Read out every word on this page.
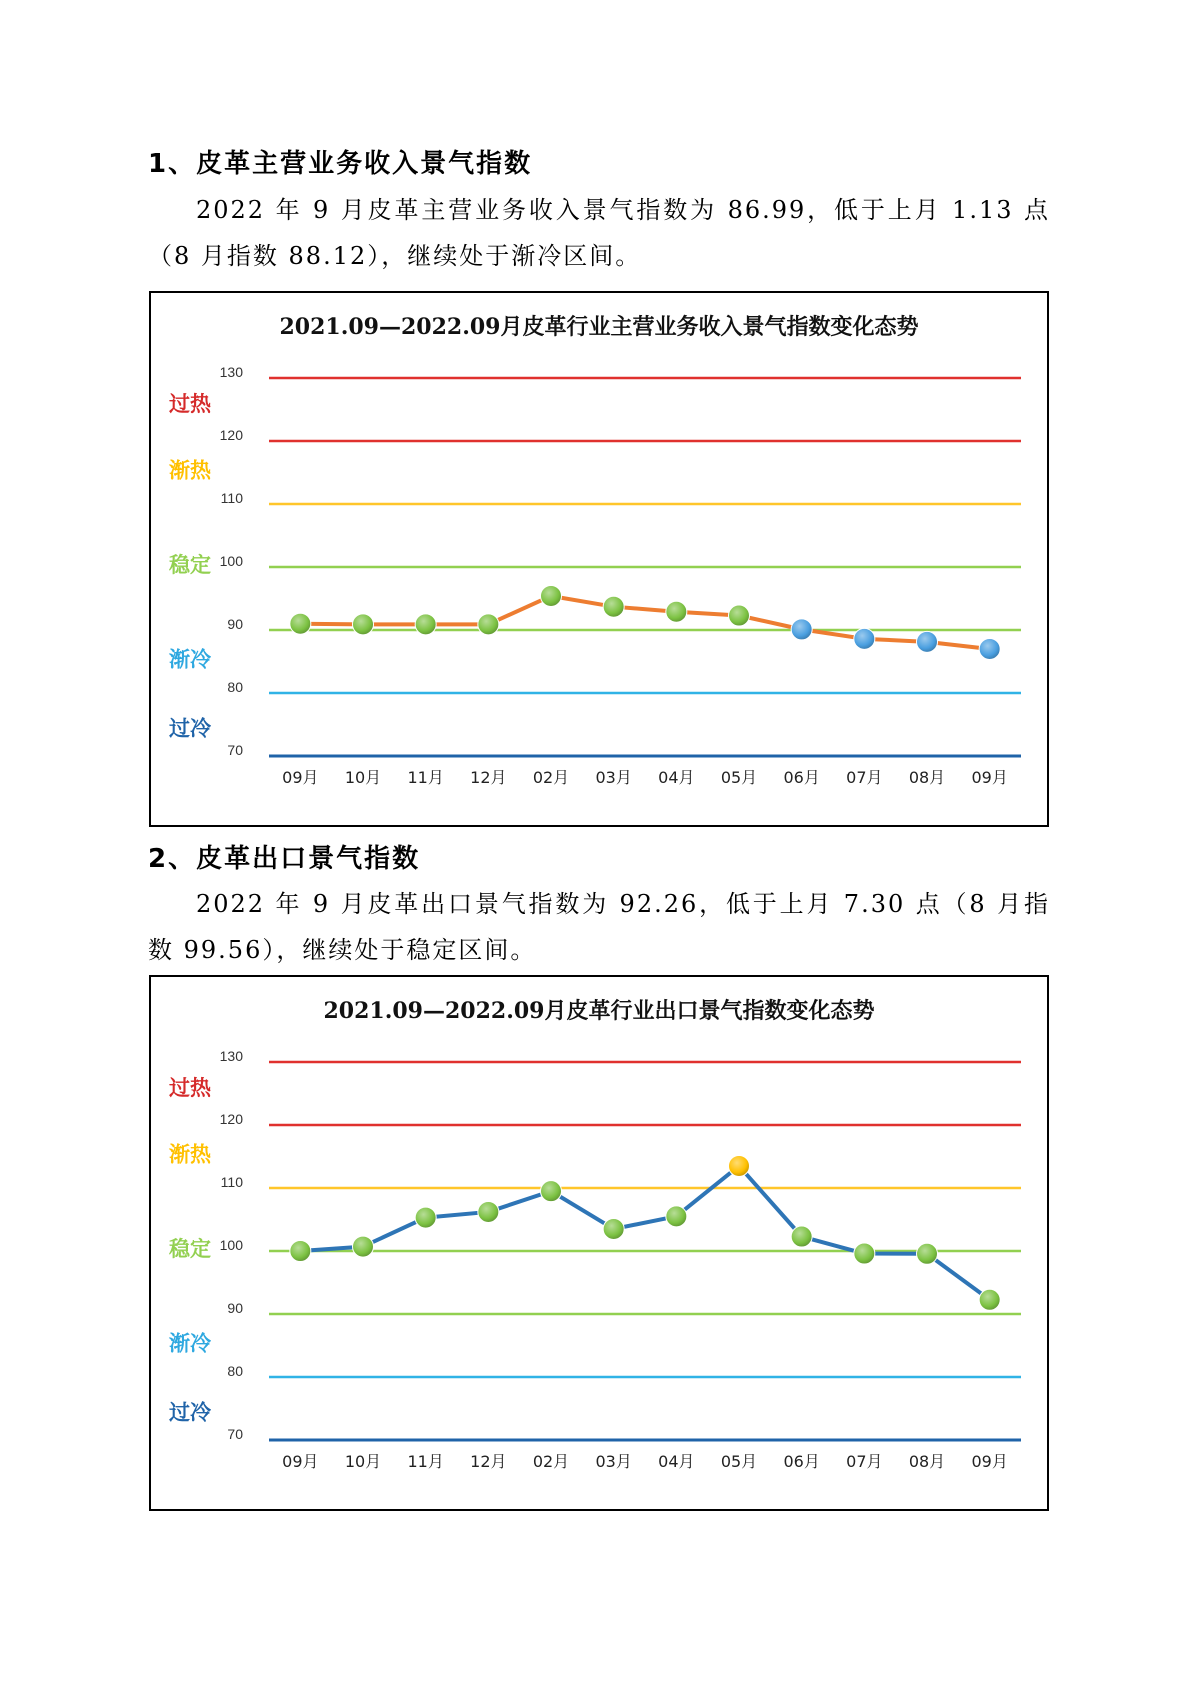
1、皮革主营业务收入景气指数
2022 年 9 月皮革主营业务收入景气指数为 86.99，低于上月 1.13 点（8 月指数 88.12），继续处于渐冷区间。
2021.09—2022.09月皮革行业主营业务收入景气指数变化态势
70
80
90
100
110
120
130
过热
渐热
稳定
渐冷
过冷
09月 10月 11月 12月 02月 03月 04月 05月 06月 07月 08月 09月
2、皮革出口景气指数
2022 年 9 月皮革出口景气指数为 92.26，低于上月 7.30 点（8 月指数 99.56），继续处于稳定区间。
2021.09—2022.09月皮革行业出口景气指数变化态势
70
80
90
100
110
120
130
过热
渐热
稳定
渐冷
过冷
09月 10月 11月 12月 02月 03月 04月 05月 06月 07月 08月 09月
